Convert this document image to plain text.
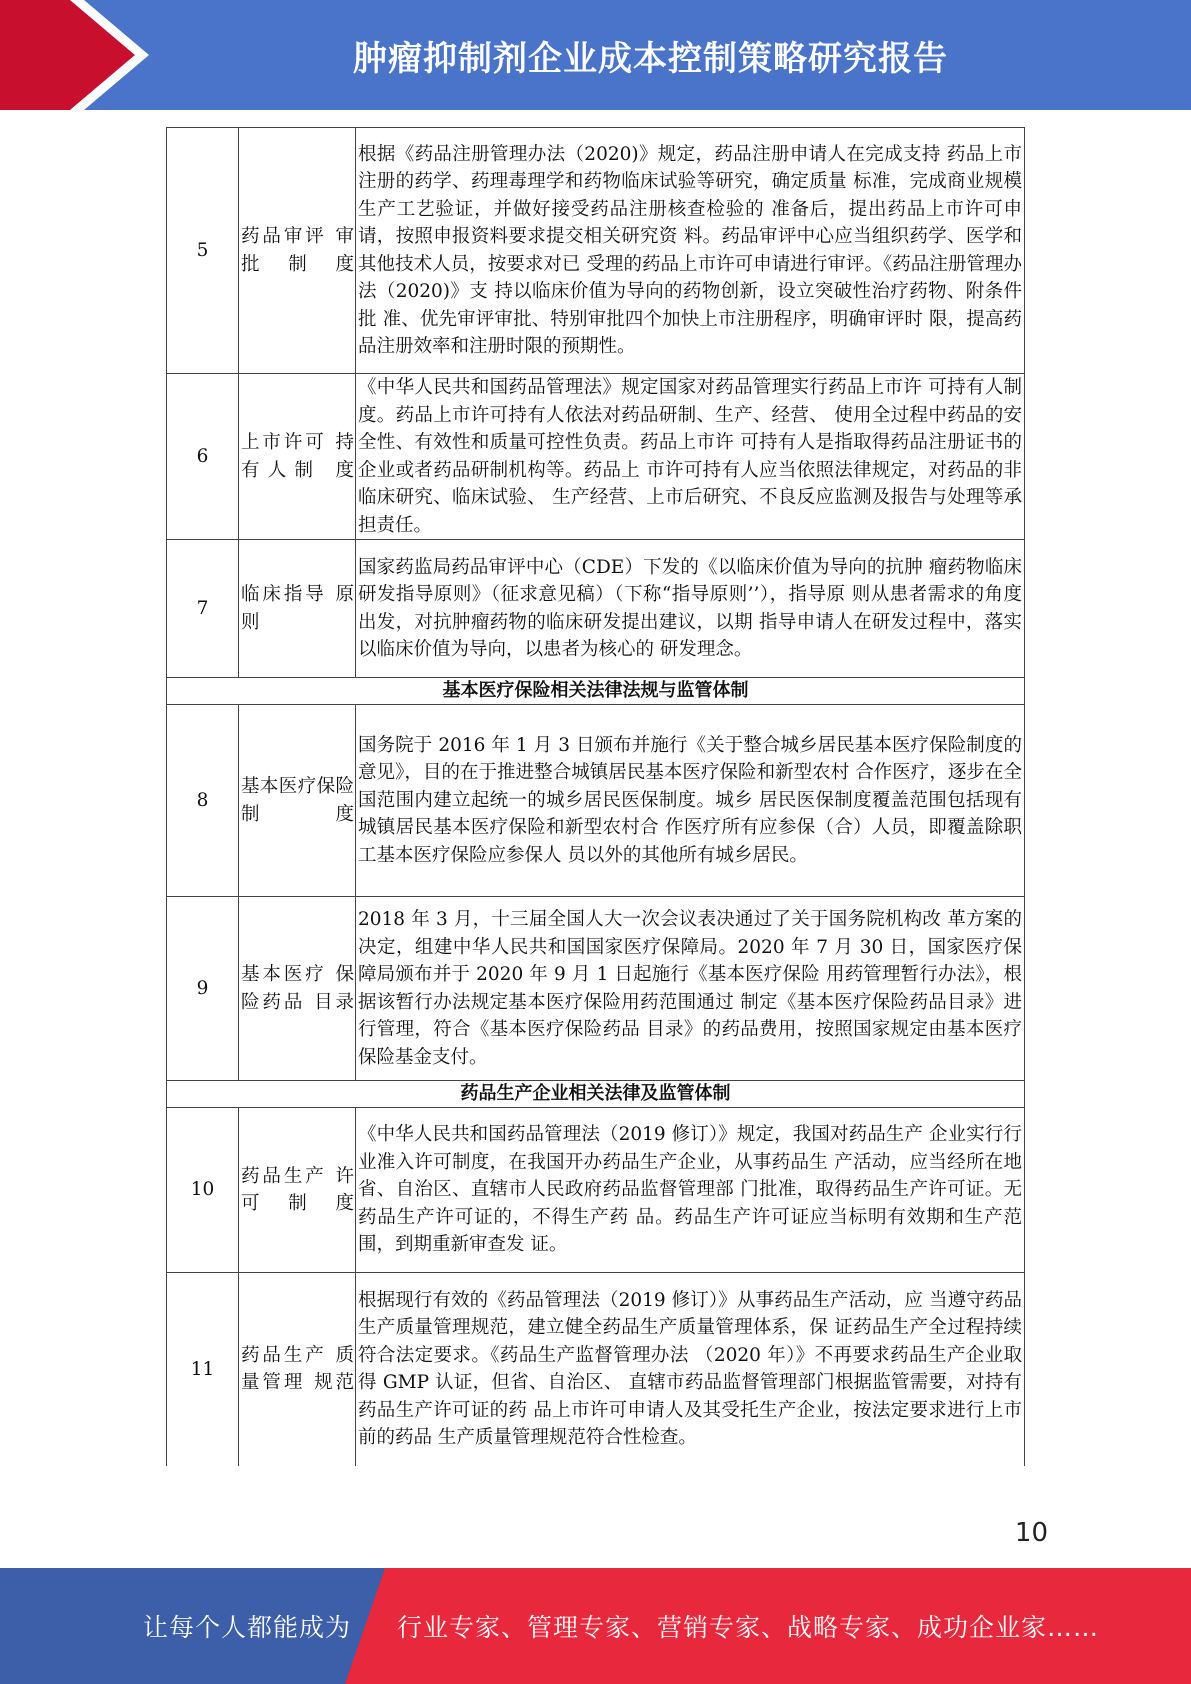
肿瘤抑制剂企业成本控制策略研究报告
5	药品审评 审批制度	根据《药品注册管理办法（2020)》规定，药品注册申请人在完成支持 药品上市注册的药学、药理毒理学和药物临床试验等研究，确定质量 标准，完成商业规模生产工艺验证，并做好接受药品注册核查检验的 准备后，提出药品上市许可申请，按照申报资料要求提交相关研究资 料。药品审评中心应当组织药学、医学和其他技术人员，按要求对已 受理的药品上市许可申请进行审评。《药品注册管理办法（2020)》支 持以临床价值为导向的药物创新，设立突破性治疗药物、附条件批 准、优先审评审批、特别审批四个加快上市注册程序，明确审评时 限，提高药品注册效率和注册时限的预期性。
6	上市许可 持有人制 度	《中华人民共和国药品管理法》规定国家对药品管理实行药品上市许 可持有人制度。药品上市许可持有人依法对药品研制、生产、经营、 使用全过程中药品的安全性、有效性和质量可控性负责。药品上市许 可持有人是指取得药品注册证书的企业或者药品研制机构等。药品上 市许可持有人应当依照法律规定，对药品的非临床研究、临床试验、 生产经营、上市后研究、不良反应监测及报告与处理等承担责任。
7	临床指导 原则	国家药监局药品审评中心（CDE）下发的《以临床价值为导向的抗肿 瘤药物临床研发指导原则》（征求意见稿）（下称“指导原则’’），指导原 则从患者需求的角度出发，对抗肿瘤药物的临床研发提出建议，以期 指导申请人在研发过程中，落实以临床价值为导向，以患者为核心的 研发理念。
基本医疗保险相关法律法规与监管体制		
8	基本医疗保险制度	国务院于 2016 年 1 月 3 日颁布并施行《关于整合城乡居民基本医疗保险制度的意见》，目的在于推进整合城镇居民基本医疗保险和新型农村 合作医疗，逐步在全国范围内建立起统一的城乡居民医保制度。城乡 居民医保制度覆盖范围包括现有城镇居民基本医疗保险和新型农村合 作医疗所有应参保（合）人员，即覆盖除职工基本医疗保险应参保人 员以外的其他所有城乡居民。
9	基本医疗 保险药品 目录	2018 年 3 月，十三届全国人大一次会议表决通过了关于国务院机构改 革方案的决定，组建中华人民共和国国家医疗保障局。2020 年 7 月 30 日，国家医疗保障局颁布并于 2020 年 9 月 1 日起施行《基本医疗保险 用药管理暂行办法》，根据该暂行办法规定基本医疗保险用药范围通过 制定《基本医疗保险药品目录》进行管理，符合《基本医疗保险药品 目录》的药品费用，按照国家规定由基本医疗保险基金支付。
药品生产企业相关法律及监管体制		
10	药品生产 许可制度	《中华人民共和国药品管理法（2019 修订）》规定，我国对药品生产 企业实行行业准入许可制度，在我国开办药品生产企业，从事药品生 产活动，应当经所在地省、自治区、直辖市人民政府药品监督管理部 门批准，取得药品生产许可证。无药品生产许可证的，不得生产药 品。药品生产许可证应当标明有效期和生产范围，到期重新审查发 证。
11	药品生产 质量管理 规范	根据现行有效的《药品管理法（2019 修订）》从事药品生产活动，应 当遵守药品生产质量管理规范，建立健全药品生产质量管理体系，保 证药品生产全过程持续符合法定要求。《药品生产监督管理办法 （2020 年）》不再要求药品生产企业取得 GMP 认证，但省、自治区、 直辖市药品监督管理部门根据监管需要，对持有药品生产许可证的药 品上市许可申请人及其受托生产企业，按法定要求进行上市前的药品 生产质量管理规范符合性检查。
10
让每个人都能成为 行业专家、管理专家、营销专家、战略专家、成功企业家……
